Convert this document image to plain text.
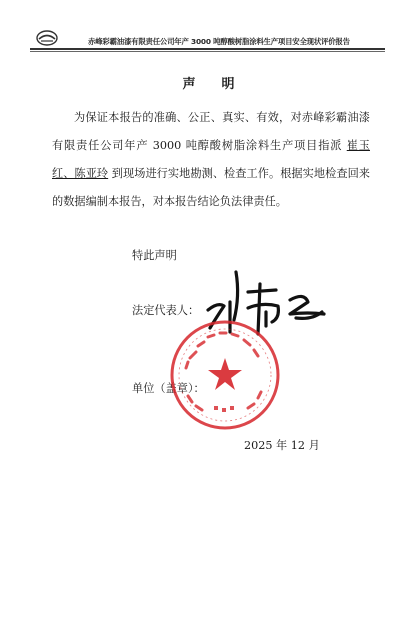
赤峰彩霸油漆有限责任公司年产 3000 吨醇酸树脂涂料生产项目安全现状评价报告
声明

为保证本报告的准确、公正、真实、有效，对赤峰彩霸油漆有限责任公司年产 3000 吨醇酸树脂涂料生产项目指派 崔玉红、陈亚玲 到现场进行实地勘测、检查工作。根据实地检查回来的数据编制本报告，对本报告结论负法律责任。

特此声明
法定代表人：
单位（盖章）：
2025 年 12 月
